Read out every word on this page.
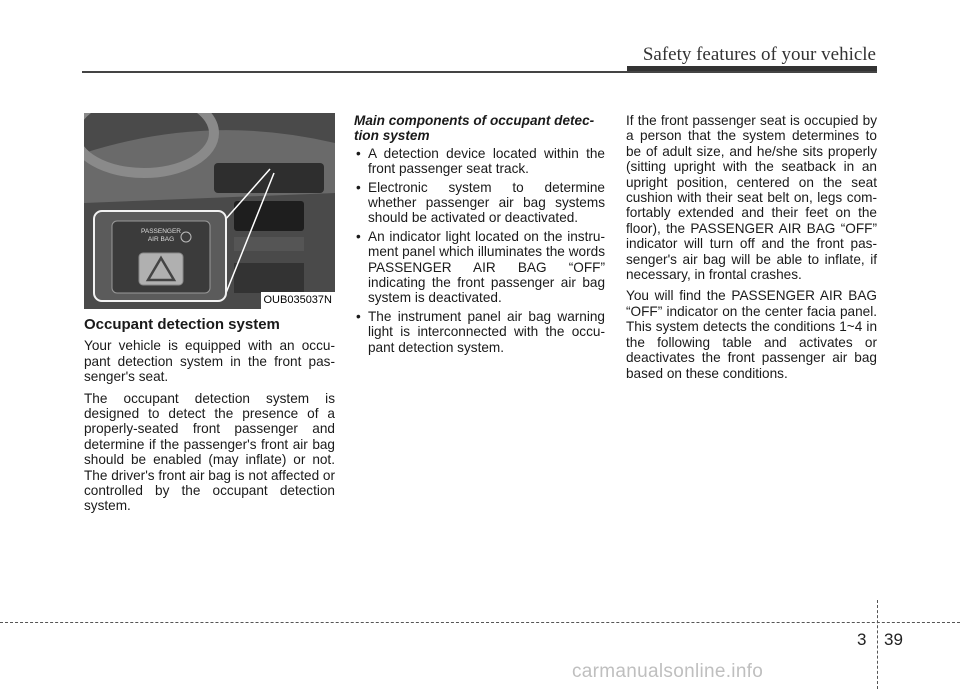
Safety features of your vehicle
PASSENGER
AIR BAG
OUB035037N
Occupant detection system

Your vehicle is equipped with an occu- pant detection system in the front pas- senger's seat.

The occupant detection system is designed to detect the presence of a properly-seated front passenger and determine if the passenger's front air bag should be enabled (may inflate) or not. The driver's front air bag is not affected or controlled by the occupant detection system.

Main components of occupant detec- tion system
• A detection device located within the front passenger seat track.
• Electronic system to determine whether passenger air bag systems should be activated or deactivated.
• An indicator light located on the instru- ment panel which illuminates the words PASSENGER AIR BAG “OFF” indicating the front passenger air bag system is deactivated.
• The instrument panel air bag warning light is interconnected with the occu- pant detection system.

If the front passenger seat is occupied by a person that the system determines to be of adult size, and he/she sits properly (sitting upright with the seatback in an upright position, centered on the seat cushion with their seat belt on, legs com- fortably extended and their feet on the floor), the PASSENGER AIR BAG “OFF” indicator will turn off and the front pas- senger's air bag will be able to inflate, if necessary, in frontal crashes.

You will find the PASSENGER AIR BAG “OFF” indicator on the center facia panel. This system detects the conditions 1~4 in the following table and activates or deactivates the front passenger air bag based on these conditions.

3 39
carmanualsonline.info
